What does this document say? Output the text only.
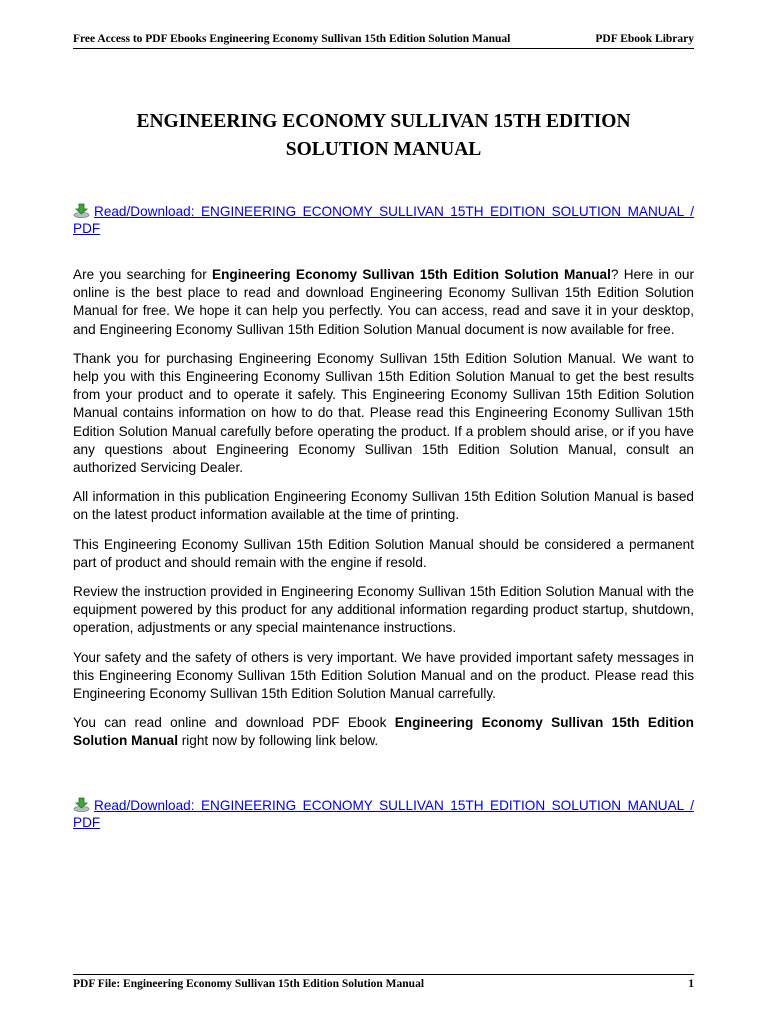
Free Access to PDF Ebooks Engineering Economy Sullivan 15th Edition Solution Manual	PDF Ebook Library
ENGINEERING ECONOMY SULLIVAN 15TH EDITION
SOLUTION MANUAL
Read/Download: ENGINEERING ECONOMY SULLIVAN 15TH EDITION SOLUTION MANUAL / PDF

Are you searching for Engineering Economy Sullivan 15th Edition Solution Manual? Here in our online is the best place to read and download Engineering Economy Sullivan 15th Edition Solution Manual for free. We hope it can help you perfectly. You can access, read and save it in your desktop, and Engineering Economy Sullivan 15th Edition Solution Manual document is now available for free.

Thank you for purchasing Engineering Economy Sullivan 15th Edition Solution Manual. We want to help you with this Engineering Economy Sullivan 15th Edition Solution Manual to get the best results from your product and to operate it safely. This Engineering Economy Sullivan 15th Edition Solution Manual contains information on how to do that. Please read this Engineering Economy Sullivan 15th Edition Solution Manual carefully before operating the product. If a problem should arise, or if you have any questions about Engineering Economy Sullivan 15th Edition Solution Manual, consult an authorized Servicing Dealer.

All information in this publication Engineering Economy Sullivan 15th Edition Solution Manual is based on the latest product information available at the time of printing.

This Engineering Economy Sullivan 15th Edition Solution Manual should be considered a permanent part of product and should remain with the engine if resold.

Review the instruction provided in Engineering Economy Sullivan 15th Edition Solution Manual with the equipment powered by this product for any additional information regarding product startup, shutdown, operation, adjustments or any special maintenance instructions.

Your safety and the safety of others is very important. We have provided important safety messages in this Engineering Economy Sullivan 15th Edition Solution Manual and on the product. Please read this Engineering Economy Sullivan 15th Edition Solution Manual carrefully.

You can read online and download PDF Ebook Engineering Economy Sullivan 15th Edition Solution Manual right now by following link below.

Read/Download: ENGINEERING ECONOMY SULLIVAN 15TH EDITION SOLUTION MANUAL / PDF
PDF File: Engineering Economy Sullivan 15th Edition Solution Manual	1
